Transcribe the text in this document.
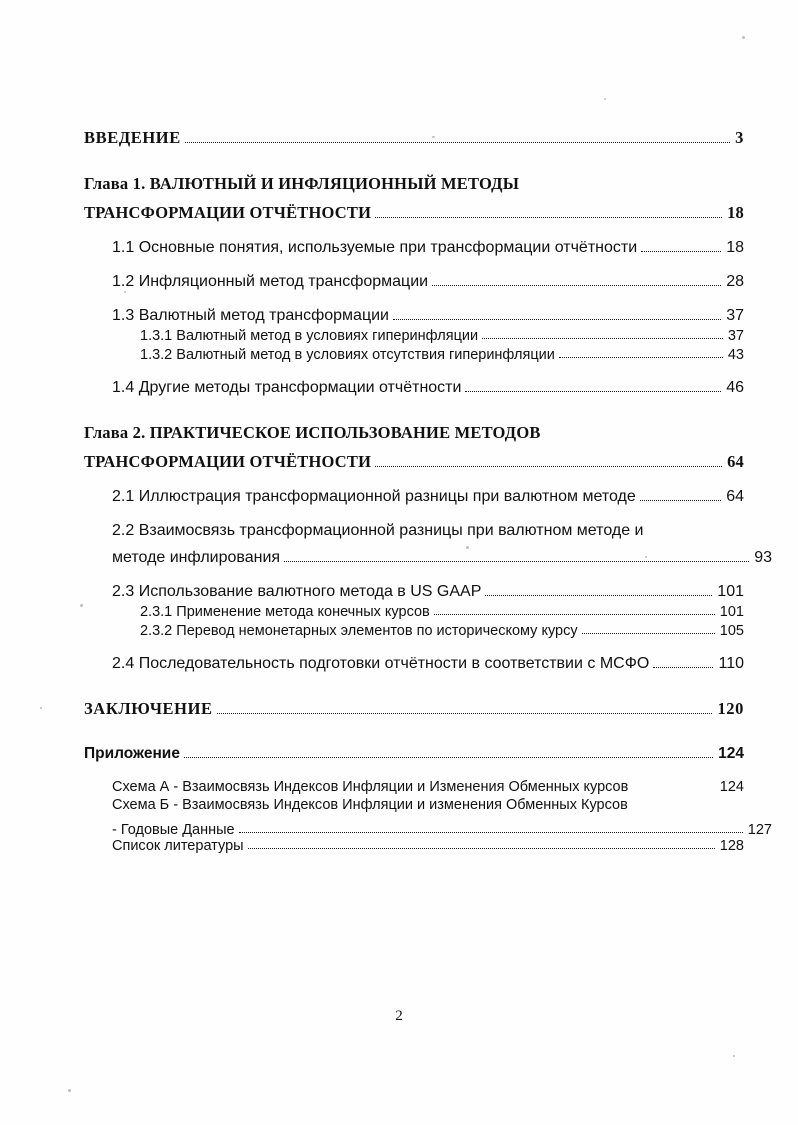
ВВЕДЕНИЕ	3
Глава 1. ВАЛЮТНЫЙ И ИНФЛЯЦИОННЫЙ МЕТОДЫ
ТРАНСФОРМАЦИИ ОТЧЁТНОСТИ	18
1.1 Основные понятия, используемые при трансформации отчётности	18
1.2 Инфляционный метод трансформации	28
1.3 Валютный метод трансформации	37
1.3.1 Валютный метод в условиях гиперинфляции	37
1.3.2 Валютный метод в условиях отсутствия гиперинфляции	43
1.4 Другие методы трансформации отчётности	46
Глава 2. ПРАКТИЧЕСКОЕ ИСПОЛЬЗОВАНИЕ МЕТОДОВ
ТРАНСФОРМАЦИИ ОТЧЁТНОСТИ	64
2.1 Иллюстрация трансформационной разницы при валютном методе	64
2.2 Взаимосвязь трансформационной разницы при валютном методе и
методе инфлирования	93
2.3 Использование валютного метода в US GAAP	101
2.3.1 Применение метода конечных курсов	101
2.3.2 Перевод немонетарных элементов по историческому курсу	105
2.4 Последовательность подготовки отчётности в соответствии с МСФО	110
ЗАКЛЮЧЕНИЕ	120
Приложение	124
Схема А - Взаимосвязь Индексов Инфляции и Изменения Обменных курсов	124
Схема Б - Взаимосвязь Индексов Инфляции и изменения Обменных Курсов
- Годовые Данные	127
Список литературы	128
2
